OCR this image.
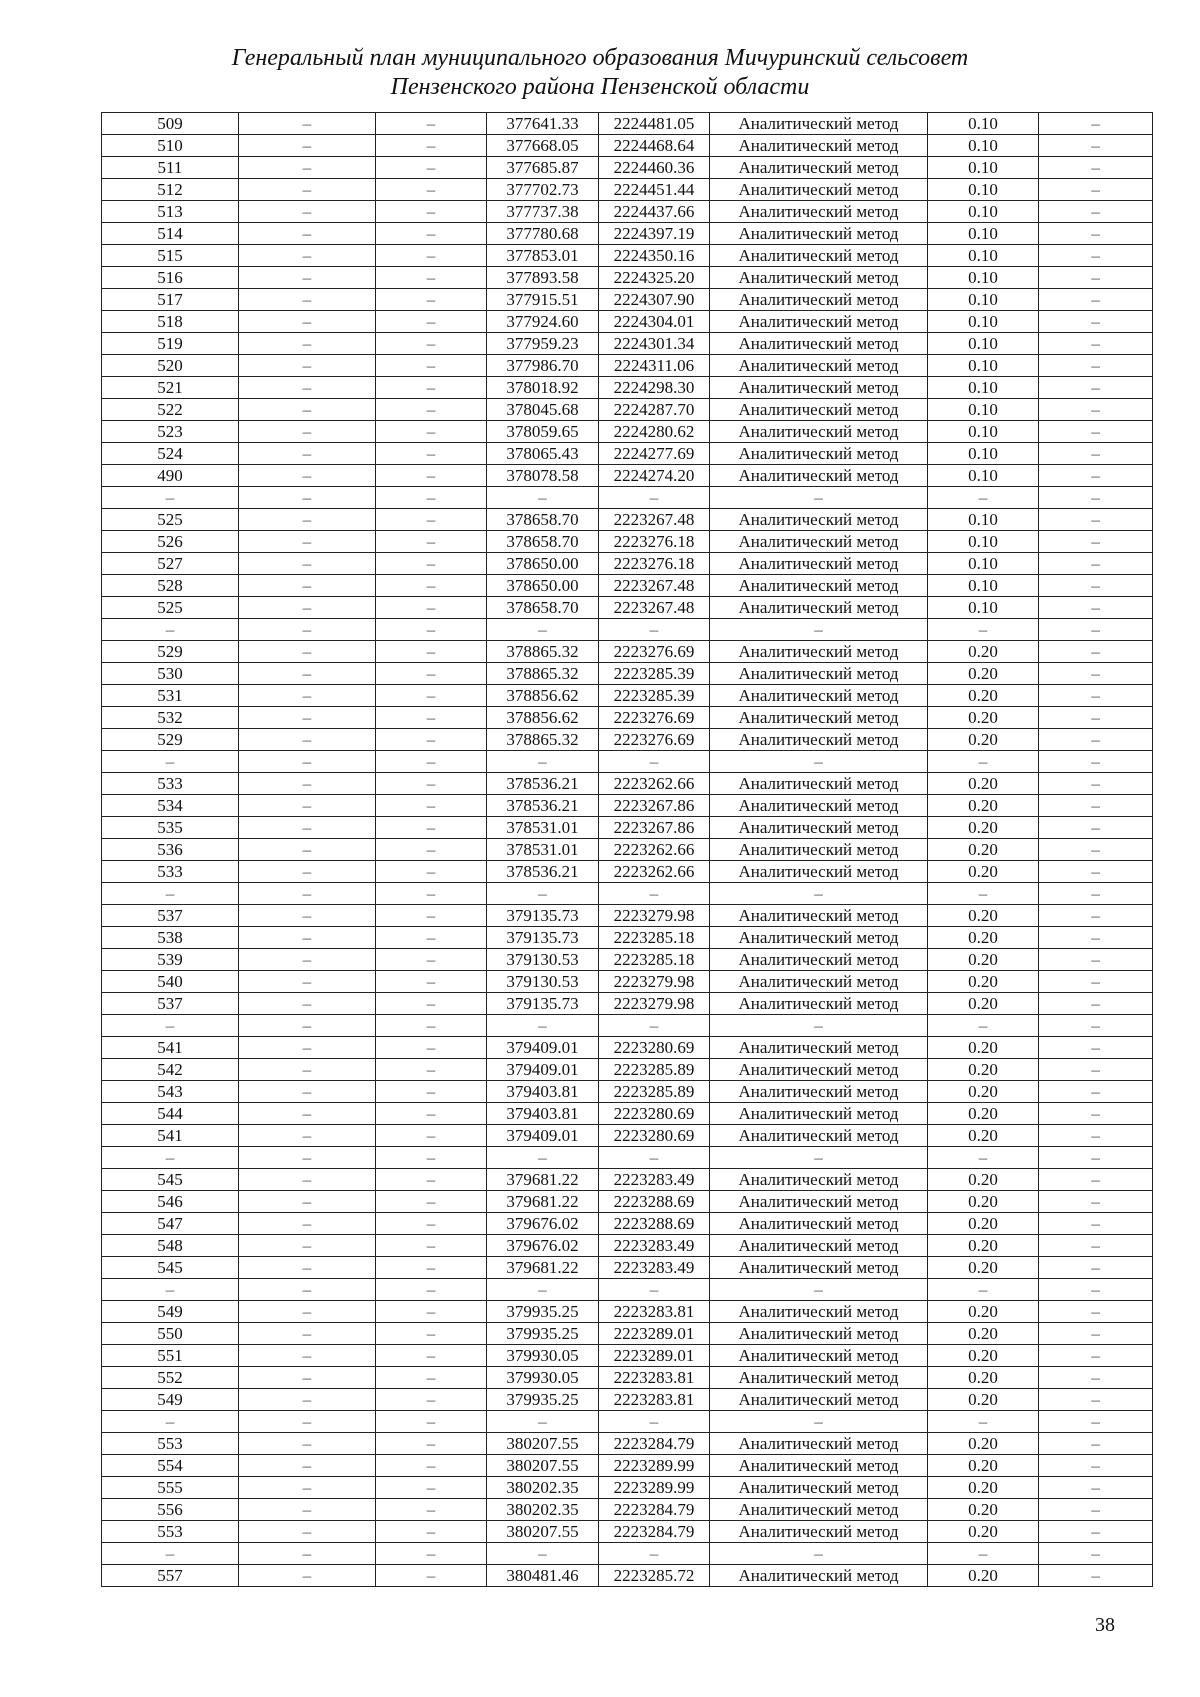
Генеральный план муниципального образования Мичуринский сельсовет
Пензенского района Пензенской области
509	–	–	377641.33	2224481.05	Аналитический метод	0.10	–
510	–	–	377668.05	2224468.64	Аналитический метод	0.10	–
511	–	–	377685.87	2224460.36	Аналитический метод	0.10	–
512	–	–	377702.73	2224451.44	Аналитический метод	0.10	–
513	–	–	377737.38	2224437.66	Аналитический метод	0.10	–
514	–	–	377780.68	2224397.19	Аналитический метод	0.10	–
515	–	–	377853.01	2224350.16	Аналитический метод	0.10	–
516	–	–	377893.58	2224325.20	Аналитический метод	0.10	–
517	–	–	377915.51	2224307.90	Аналитический метод	0.10	–
518	–	–	377924.60	2224304.01	Аналитический метод	0.10	–
519	–	–	377959.23	2224301.34	Аналитический метод	0.10	–
520	–	–	377986.70	2224311.06	Аналитический метод	0.10	–
521	–	–	378018.92	2224298.30	Аналитический метод	0.10	–
522	–	–	378045.68	2224287.70	Аналитический метод	0.10	–
523	–	–	378059.65	2224280.62	Аналитический метод	0.10	–
524	–	–	378065.43	2224277.69	Аналитический метод	0.10	–
490	–	–	378078.58	2224274.20	Аналитический метод	0.10	–
–	–	–	–	–	–	–	–
525	–	–	378658.70	2223267.48	Аналитический метод	0.10	–
526	–	–	378658.70	2223276.18	Аналитический метод	0.10	–
527	–	–	378650.00	2223276.18	Аналитический метод	0.10	–
528	–	–	378650.00	2223267.48	Аналитический метод	0.10	–
525	–	–	378658.70	2223267.48	Аналитический метод	0.10	–
–	–	–	–	–	–	–	–
529	–	–	378865.32	2223276.69	Аналитический метод	0.20	–
530	–	–	378865.32	2223285.39	Аналитический метод	0.20	–
531	–	–	378856.62	2223285.39	Аналитический метод	0.20	–
532	–	–	378856.62	2223276.69	Аналитический метод	0.20	–
529	–	–	378865.32	2223276.69	Аналитический метод	0.20	–
–	–	–	–	–	–	–	–
533	–	–	378536.21	2223262.66	Аналитический метод	0.20	–
534	–	–	378536.21	2223267.86	Аналитический метод	0.20	–
535	–	–	378531.01	2223267.86	Аналитический метод	0.20	–
536	–	–	378531.01	2223262.66	Аналитический метод	0.20	–
533	–	–	378536.21	2223262.66	Аналитический метод	0.20	–
–	–	–	–	–	–	–	–
537	–	–	379135.73	2223279.98	Аналитический метод	0.20	–
538	–	–	379135.73	2223285.18	Аналитический метод	0.20	–
539	–	–	379130.53	2223285.18	Аналитический метод	0.20	–
540	–	–	379130.53	2223279.98	Аналитический метод	0.20	–
537	–	–	379135.73	2223279.98	Аналитический метод	0.20	–
–	–	–	–	–	–	–	–
541	–	–	379409.01	2223280.69	Аналитический метод	0.20	–
542	–	–	379409.01	2223285.89	Аналитический метод	0.20	–
543	–	–	379403.81	2223285.89	Аналитический метод	0.20	–
544	–	–	379403.81	2223280.69	Аналитический метод	0.20	–
541	–	–	379409.01	2223280.69	Аналитический метод	0.20	–
–	–	–	–	–	–	–	–
545	–	–	379681.22	2223283.49	Аналитический метод	0.20	–
546	–	–	379681.22	2223288.69	Аналитический метод	0.20	–
547	–	–	379676.02	2223288.69	Аналитический метод	0.20	–
548	–	–	379676.02	2223283.49	Аналитический метод	0.20	–
545	–	–	379681.22	2223283.49	Аналитический метод	0.20	–
–	–	–	–	–	–	–	–
549	–	–	379935.25	2223283.81	Аналитический метод	0.20	–
550	–	–	379935.25	2223289.01	Аналитический метод	0.20	–
551	–	–	379930.05	2223289.01	Аналитический метод	0.20	–
552	–	–	379930.05	2223283.81	Аналитический метод	0.20	–
549	–	–	379935.25	2223283.81	Аналитический метод	0.20	–
–	–	–	–	–	–	–	–
553	–	–	380207.55	2223284.79	Аналитический метод	0.20	–
554	–	–	380207.55	2223289.99	Аналитический метод	0.20	–
555	–	–	380202.35	2223289.99	Аналитический метод	0.20	–
556	–	–	380202.35	2223284.79	Аналитический метод	0.20	–
553	–	–	380207.55	2223284.79	Аналитический метод	0.20	–
–	–	–	–	–	–	–	–
557	–	–	380481.46	2223285.72	Аналитический метод	0.20	–
38
